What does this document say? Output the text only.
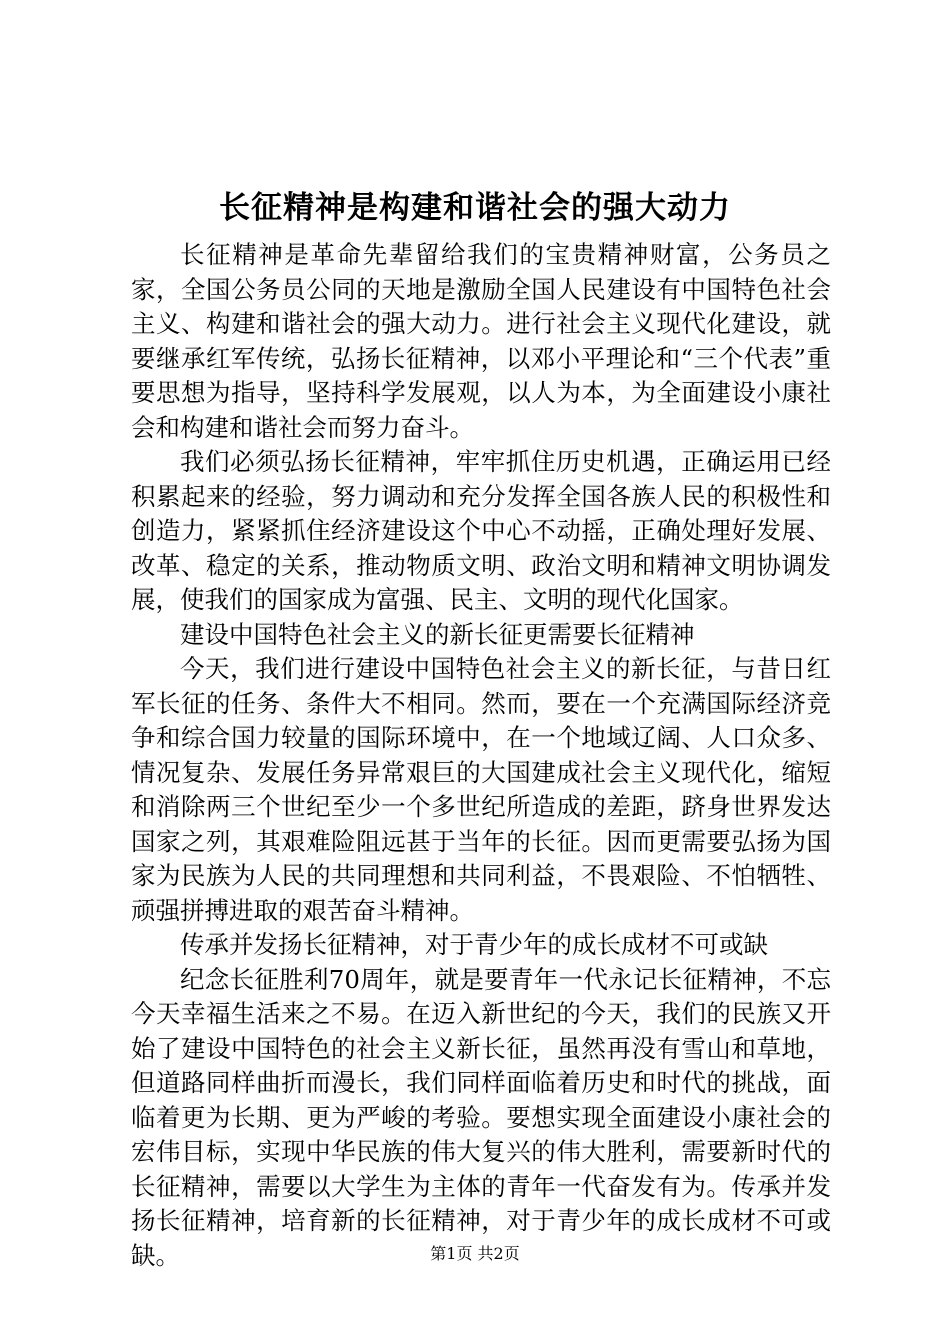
长征精神是构建和谐社会的强大动力

长征精神是革命先辈留给我们的宝贵精神财富，公务员之家，全国公务员公同的天地是激励全国人民建设有中国特色社会主义、构建和谐社会的强大动力。进行社会主义现代化建设，就要继承红军传统，弘扬长征精神，以邓小平理论和“三个代表”重要思想为指导，坚持科学发展观，以人为本，为全面建设小康社会和构建和谐社会而努力奋斗。

我们必须弘扬长征精神，牢牢抓住历史机遇，正确运用已经积累起来的经验，努力调动和充分发挥全国各族人民的积极性和创造力，紧紧抓住经济建设这个中心不动摇，正确处理好发展、改革、稳定的关系，推动物质文明、政治文明和精神文明协调发展，使我们的国家成为富强、民主、文明的现代化国家。

建设中国特色社会主义的新长征更需要长征精神

今天，我们进行建设中国特色社会主义的新长征，与昔日红军长征的任务、条件大不相同。然而，要在一个充满国际经济竞争和综合国力较量的国际环境中，在一个地域辽阔、人口众多、情况复杂、发展任务异常艰巨的大国建成社会主义现代化，缩短和消除两三个世纪至少一个多世纪所造成的差距，跻身世界发达国家之列，其艰难险阻远甚于当年的长征。因而更需要弘扬为国家为民族为人民的共同理想和共同利益，不畏艰险、不怕牺牲、顽强拼搏进取的艰苦奋斗精神。

传承并发扬长征精神，对于青少年的成长成材不可或缺

纪念长征胜利70周年，就是要青年一代永记长征精神，不忘今天幸福生活来之不易。在迈入新世纪的今天，我们的民族又开始了建设中国特色的社会主义新长征，虽然再没有雪山和草地，但道路同样曲折而漫长，我们同样面临着历史和时代的挑战，面临着更为长期、更为严峻的考验。要想实现全面建设小康社会的宏伟目标，实现中华民族的伟大复兴的伟大胜利，需要新时代的长征精神，需要以大学生为主体的青年一代奋发有为。传承并发扬长征精神，培育新的长征精神，对于青少年的成长成材不可或缺。	第1页 共2页
